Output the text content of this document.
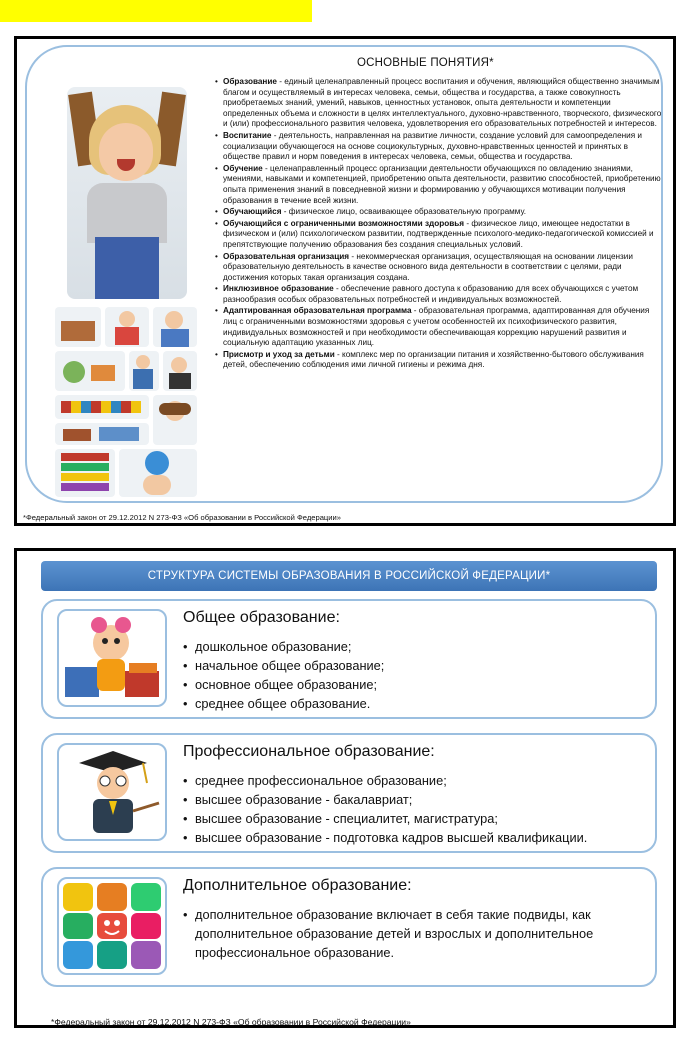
ОСНОВНЫЕ ПОНЯТИЯ*
• Образование - единый целенаправленный процесс воспитания и обучения, являющийся общественно значимым благом и осуществляемый в интересах человека, семьи, общества и государства, а также совокупность приобретаемых знаний, умений, навыков, ценностных установок, опыта деятельности и компетенции определенных объема и сложности в целях интеллектуального, духовно-нравственного, творческого, физического и (или) профессионального развития человека, удовлетворения его образовательных потребностей и интересов.
• Воспитание - деятельность, направленная на развитие личности, создание условий для самоопределения и социализации обучающегося на основе социокультурных, духовно-нравственных ценностей и принятых в обществе правил и норм поведения в интересах человека, семьи, общества и государства.
• Обучение - целенаправленный процесс организации деятельности обучающихся по овладению знаниями, умениями, навыками и компетенцией, приобретению опыта деятельности, развитию способностей, приобретению опыта применения знаний в повседневной жизни и формированию у обучающихся мотивации получения образования в течение всей жизни.
• Обучающийся - физическое лицо, осваивающее образовательную программу.
• Обучающийся с ограниченными возможностями здоровья - физическое лицо, имеющее недостатки в физическом и (или) психологическом развитии, подтвержденные психолого-медико-педагогической комиссией и препятствующие получению образования без создания специальных условий.
• Образовательная организация - некоммерческая организация, осуществляющая на основании лицензии образовательную деятельность в качестве основного вида деятельности в соответствии с целями, ради достижения которых такая организация создана.
• Инклюзивное образование - обеспечение равного доступа к образованию для всех обучающихся с учетом разнообразия особых образовательных потребностей и индивидуальных возможностей.
• Адаптированная образовательная программа - образовательная программа, адаптированная для обучения лиц с ограниченными возможностями здоровья с учетом особенностей их психофизического развития, индивидуальных возможностей и при необходимости обеспечивающая коррекцию нарушений развития и социальную адаптацию указанных лиц.
• Присмотр и уход за детьми - комплекс мер по организации питания и хозяйственно-бытового обслуживания детей, обеспечению соблюдения ими личной гигиены и режима дня.
*Федеральный закон от 29.12.2012 N 273-ФЗ «Об образовании в Российской Федерации»
СТРУКТУРА СИСТЕМЫ ОБРАЗОВАНИЯ В РОССИЙСКОЙ ФЕДЕРАЦИИ*
Общее образование:
• дошкольное образование;
• начальное общее образование;
• основное общее образование;
• среднее общее образование.
Профессиональное образование:
• среднее профессиональное образование;
• высшее образование - бакалавриат;
• высшее образование - специалитет, магистратура;
• высшее образование - подготовка кадров высшей квалификации.
Дополнительное образование:
• дополнительное образование включает в себя такие подвиды, как дополнительное образование детей и взрослых и дополнительное профессиональное образование.
*Федеральный закон от 29.12.2012 N 273-ФЗ «Об образовании в Российской Федерации»
